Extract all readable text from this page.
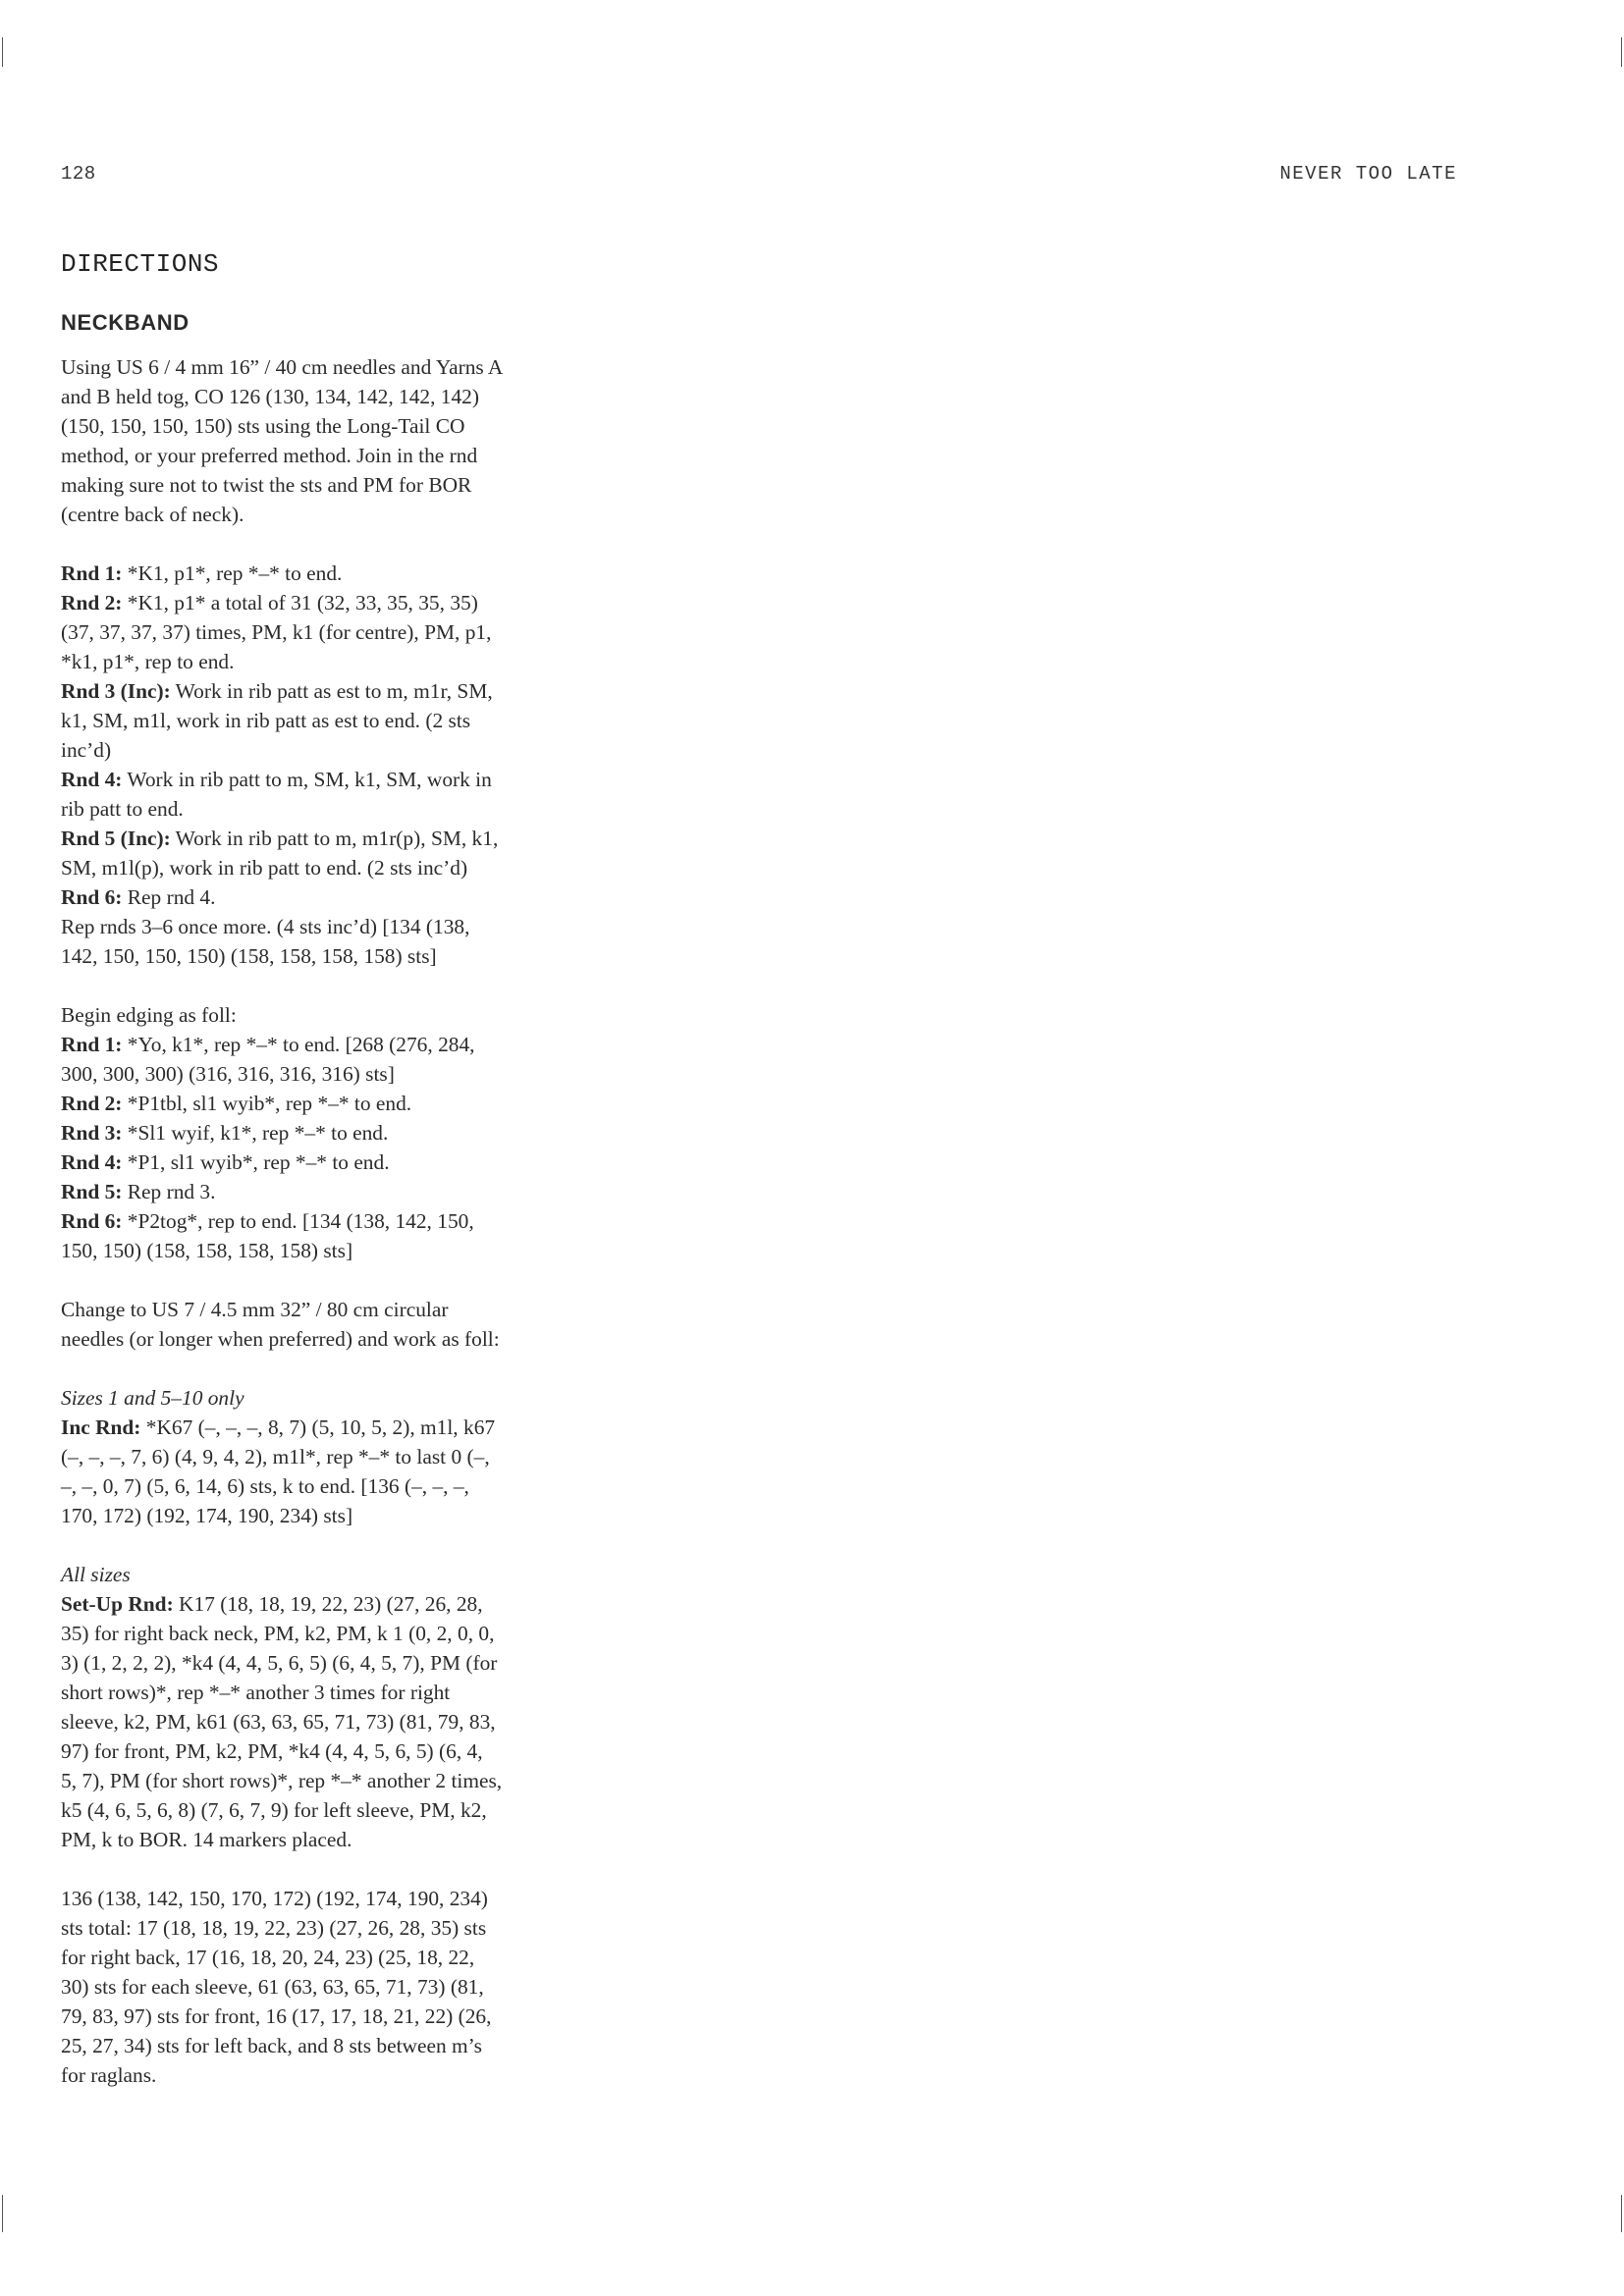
128	NEVER TOO LATE
DIRECTIONS
NECKBAND

Using US 6 / 4 mm 16” / 40 cm needles and Yarns A and B held tog, CO 126 (130, 134, 142, 142, 142) (150, 150, 150, 150) sts using the Long-Tail CO method, or your preferred method. Join in the rnd making sure not to twist the sts and PM for BOR (centre back of neck).

Rnd 1: *K1, p1*, rep *–* to end.

Rnd 2: *K1, p1* a total of 31 (32, 33, 35, 35, 35) (37, 37, 37, 37) times, PM, k1 (for centre), PM, p1, *k1, p1*, rep to end.

Rnd 3 (Inc): Work in rib patt as est to m, m1r, SM, k1, SM, m1l, work in rib patt as est to end. (2 sts inc’d)

Rnd 4: Work in rib patt to m, SM, k1, SM, work in rib patt to end.

Rnd 5 (Inc): Work in rib patt to m, m1r(p), SM, k1, SM, m1l(p), work in rib patt to end. (2 sts inc’d)

Rnd 6: Rep rnd 4.

Rep rnds 3–6 once more. (4 sts inc’d) [134 (138, 142, 150, 150, 150) (158, 158, 158, 158) sts]

Begin edging as foll:

Rnd 1: *Yo, k1*, rep *–* to end. [268 (276, 284, 300, 300, 300) (316, 316, 316, 316) sts]

Rnd 2: *P1tbl, sl1 wyib*, rep *–* to end.

Rnd 3: *Sl1 wyif, k1*, rep *–* to end.

Rnd 4: *P1, sl1 wyib*, rep *–* to end.

Rnd 5: Rep rnd 3.

Rnd 6: *P2tog*, rep to end. [134 (138, 142, 150, 150, 150) (158, 158, 158, 158) sts]

Change to US 7 / 4.5 mm 32” / 80 cm circular needles (or longer when preferred) and work as foll:

Sizes 1 and 5–10 only

Inc Rnd: *K67 (–, –, –, 8, 7) (5, 10, 5, 2), m1l, k67 (–, –, –, 7, 6) (4, 9, 4, 2), m1l*, rep *–* to last 0 (–, –, –, 0, 7) (5, 6, 14, 6) sts, k to end. [136 (–, –, –, 170, 172) (192, 174, 190, 234) sts]

All sizes

Set-Up Rnd: K17 (18, 18, 19, 22, 23) (27, 26, 28, 35) for right back neck, PM, k2, PM, k 1 (0, 2, 0, 0, 3) (1, 2, 2, 2), *k4 (4, 4, 5, 6, 5) (6, 4, 5, 7), PM (for short rows)*, rep *–* another 3 times for right sleeve, k2, PM, k61 (63, 63, 65, 71, 73) (81, 79, 83, 97) for front, PM, k2, PM, *k4 (4, 4, 5, 6, 5) (6, 4, 5, 7), PM (for short rows)*, rep *–* another 2 times, k5 (4, 6, 5, 6, 8) (7, 6, 7, 9) for left sleeve, PM, k2, PM, k to BOR. 14 markers placed.

136 (138, 142, 150, 170, 172) (192, 174, 190, 234) sts total: 17 (18, 18, 19, 22, 23) (27, 26, 28, 35) sts for right back, 17 (16, 18, 20, 24, 23) (25, 18, 22, 30) sts for each sleeve, 61 (63, 63, 65, 71, 73) (81, 79, 83, 97) sts for front, 16 (17, 17, 18, 21, 22) (26, 25, 27, 34) sts for left back, and 8 sts between m’s for raglans.
